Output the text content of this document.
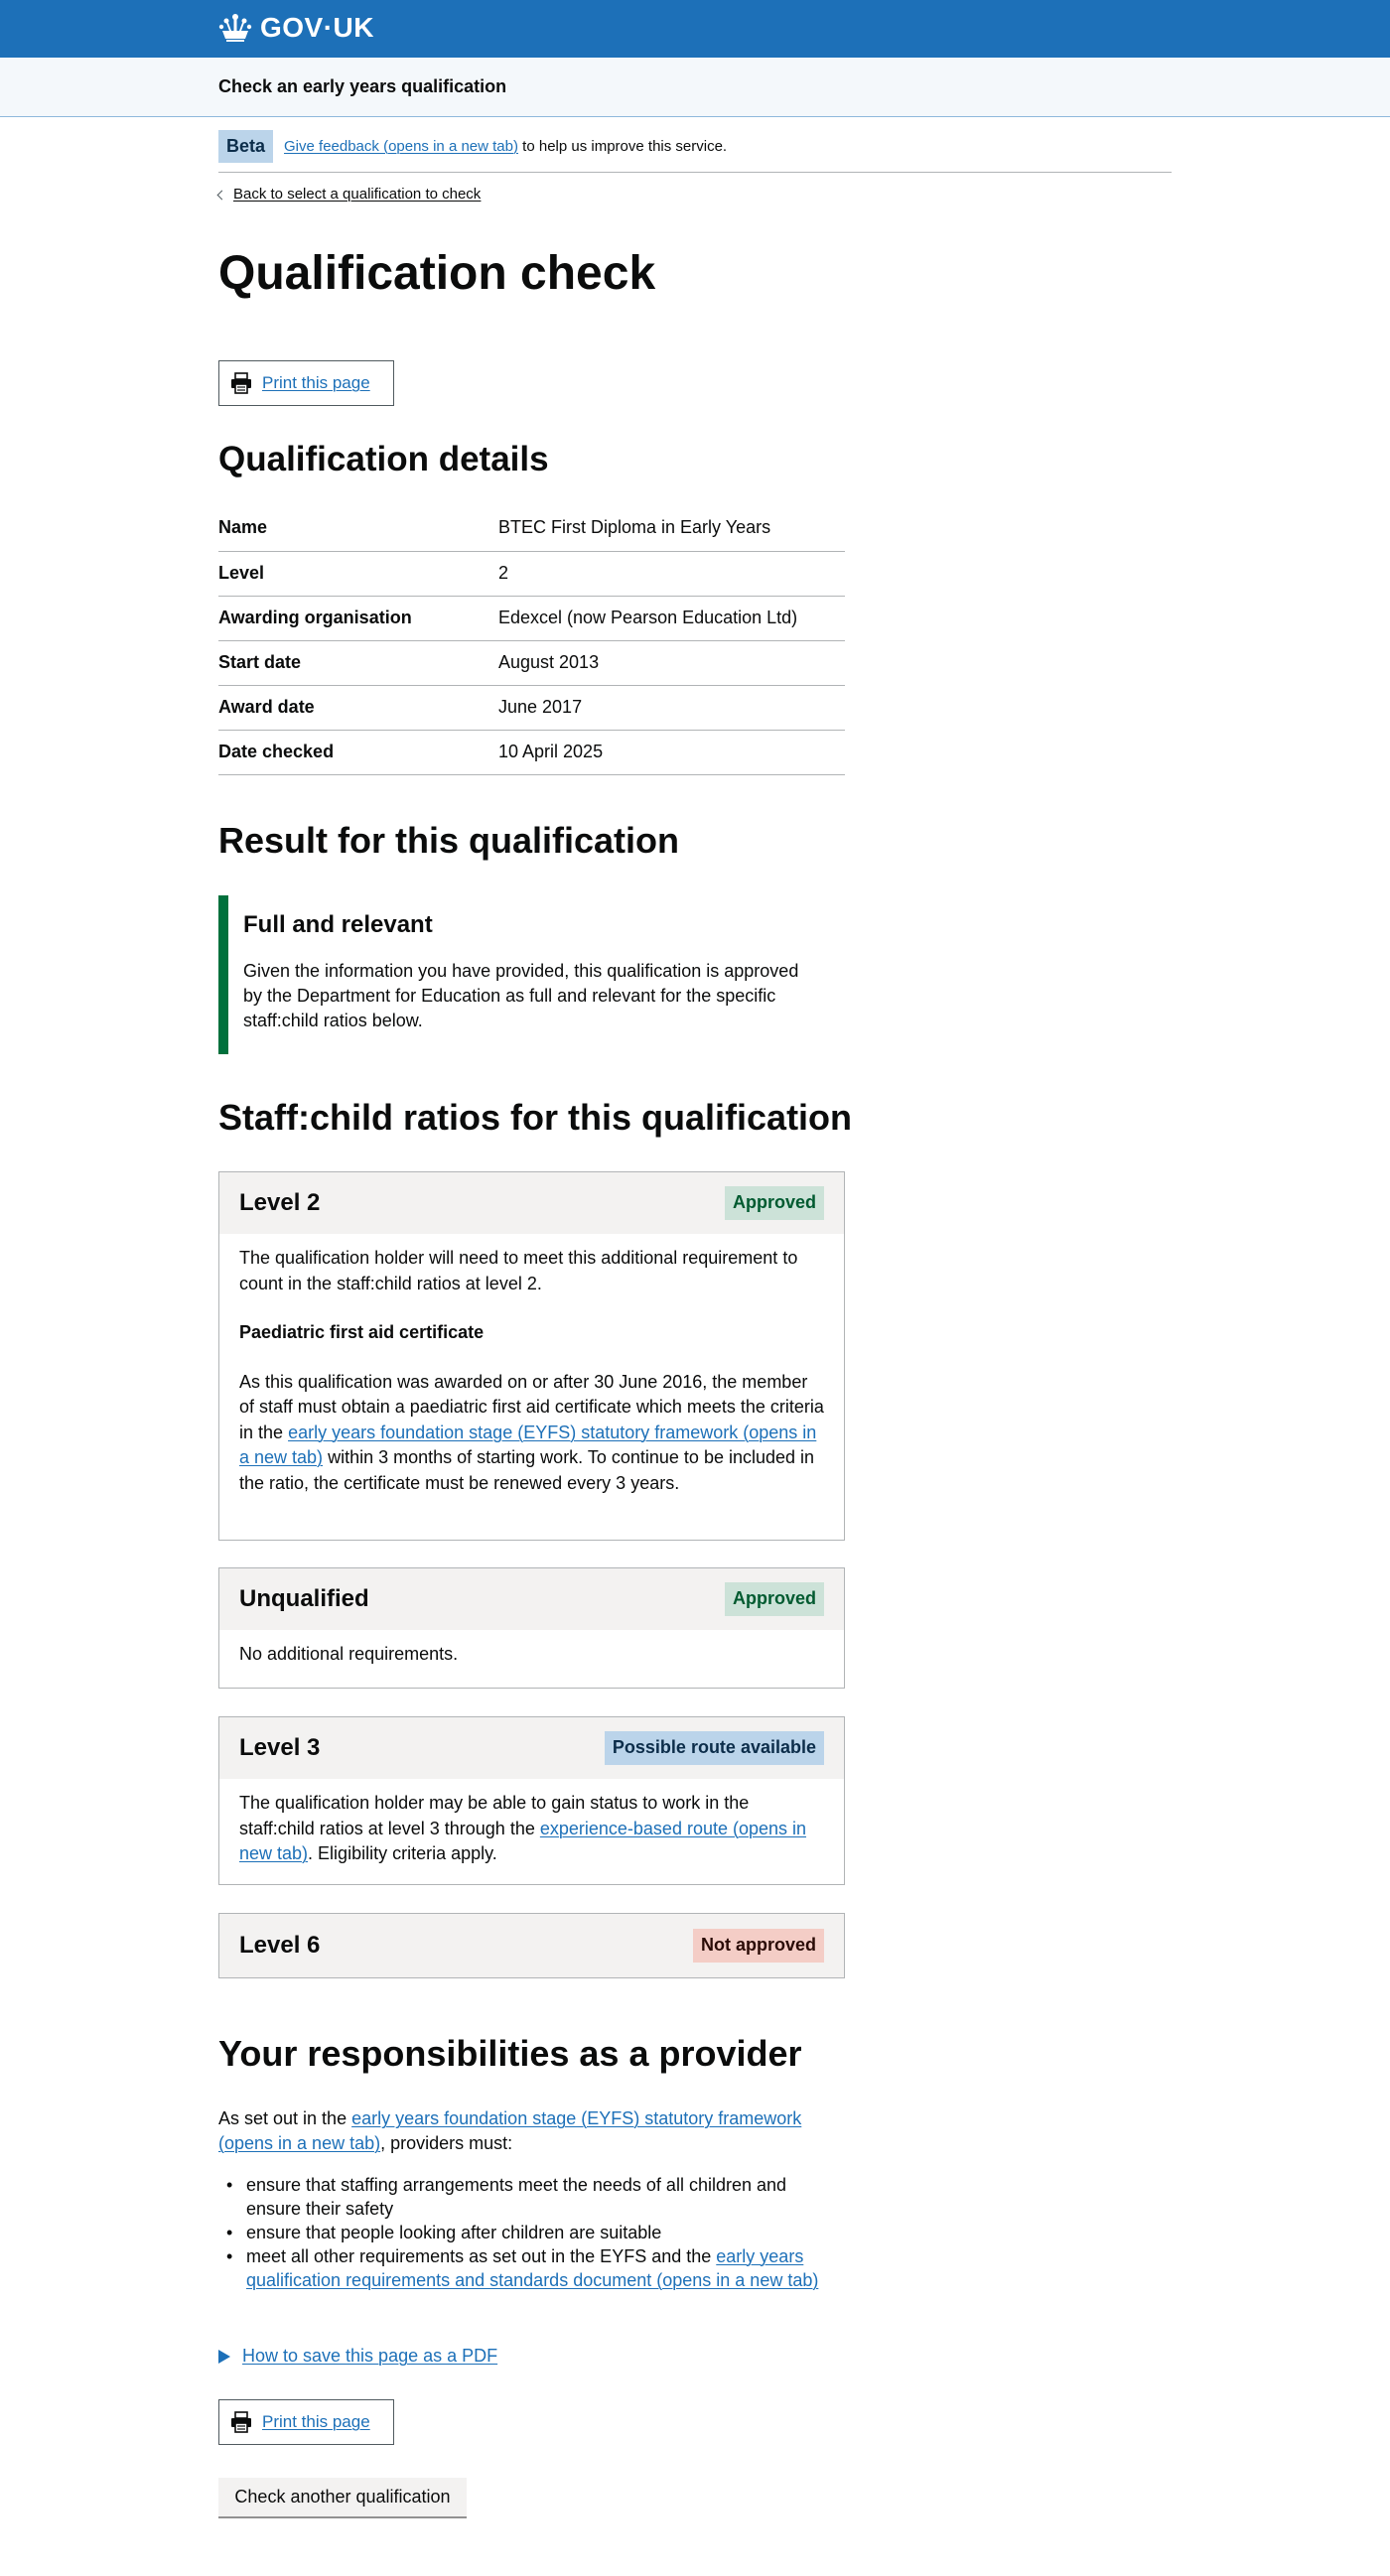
GOV·UK
Check an early years qualification
Beta	Give feedback (opens in a new tab) to help us improve this service.
Back to select a qualification to check
Qualification check
Print this page
Qualification details
Name	BTEC First Diploma in Early Years
Level	2
Awarding organisation	Edexcel (now Pearson Education Ltd)
Start date	August 2013
Award date	June 2017
Date checked	10 April 2025
Result for this qualification
Full and relevant

Given the information you have provided, this qualification is approved by the Department for Education as full and relevant for the specific staff:child ratios below.

Staff:child ratios for this qualification
Level 2	Approved

The qualification holder will need to meet this additional requirement to count in the staff:child ratios at level 2.

Paediatric first aid certificate

As this qualification was awarded on or after 30 June 2016, the member of staff must obtain a paediatric first aid certificate which meets the criteria in the early years foundation stage (EYFS) statutory framework (opens in a new tab) within 3 months of starting work. To continue to be included in the ratio, the certificate must be renewed every 3 years.

Unqualified	Approved

No additional requirements.

Level 3	Possible route available

The qualification holder may be able to gain status to work in the staff:child ratios at level 3 through the experience-based route (opens in new tab). Eligibility criteria apply.

Level 6	Not approved
Your responsibilities as a provider

As set out in the early years foundation stage (EYFS) statutory framework (opens in a new tab), providers must:

• ensure that staffing arrangements meet the needs of all children and ensure their safety
• ensure that people looking after children are suitable
• meet all other requirements as set out in the EYFS and the early years qualification requirements and standards document (opens in a new tab)
How to save this page as a PDF
Print this page
Check another qualification
